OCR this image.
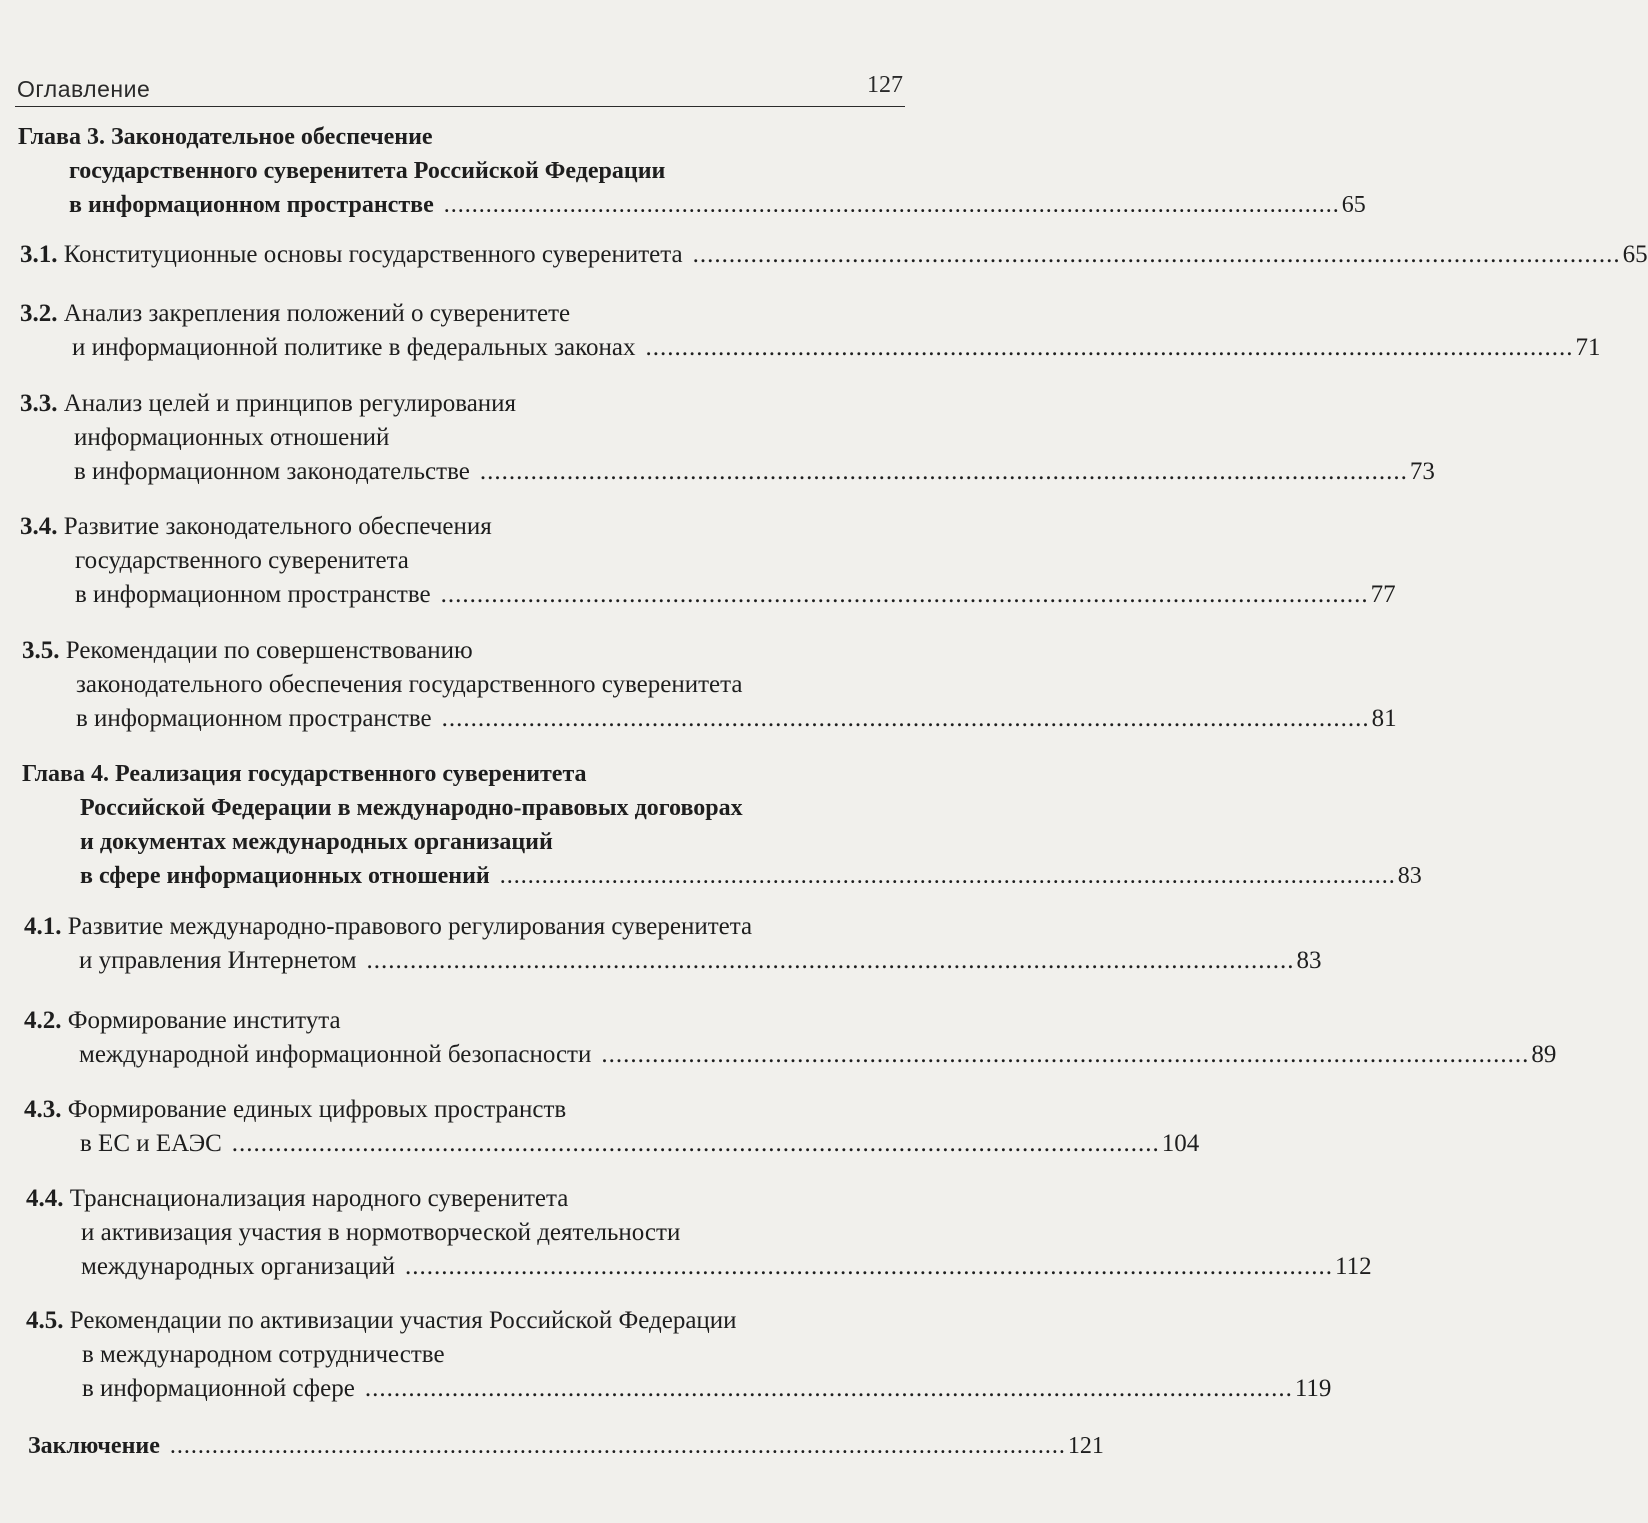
Оглавление	127
Глава 3. Законодательное обеспечение
государственного суверенитета Российской Федерации
в информационном пространстве ................................................................................................................................ 65
3.1. Конституционные основы государственного суверенитета ................................................................................................................................ 65
3.2. Анализ закрепления положений о суверенитете
и информационной политике в федеральных законах ................................................................................................................................ 71
3.3. Анализ целей и принципов регулирования
информационных отношений
в информационном законодательстве ................................................................................................................................ 73
3.4. Развитие законодательного обеспечения
государственного суверенитета
в информационном пространстве ................................................................................................................................ 77
3.5. Рекомендации по совершенствованию
законодательного обеспечения государственного суверенитета
в информационном пространстве ................................................................................................................................ 81
Глава 4. Реализация государственного суверенитета
Российской Федерации в международно-правовых договорах
и документах международных организаций
в сфере информационных отношений ................................................................................................................................ 83
4.1. Развитие международно-правового регулирования суверенитета
и управления Интернетом ................................................................................................................................ 83
4.2. Формирование института
международной информационной безопасности ................................................................................................................................ 89
4.3. Формирование единых цифровых пространств
в ЕС и ЕАЭС ................................................................................................................................ 104
4.4. Транснационализация народного суверенитета
и активизация участия в нормотворческой деятельности
международных организаций ................................................................................................................................ 112
4.5. Рекомендации по активизации участия Российской Федерации
в международном сотрудничестве
в информационной сфере ................................................................................................................................ 119
Заключение ................................................................................................................................ 121
